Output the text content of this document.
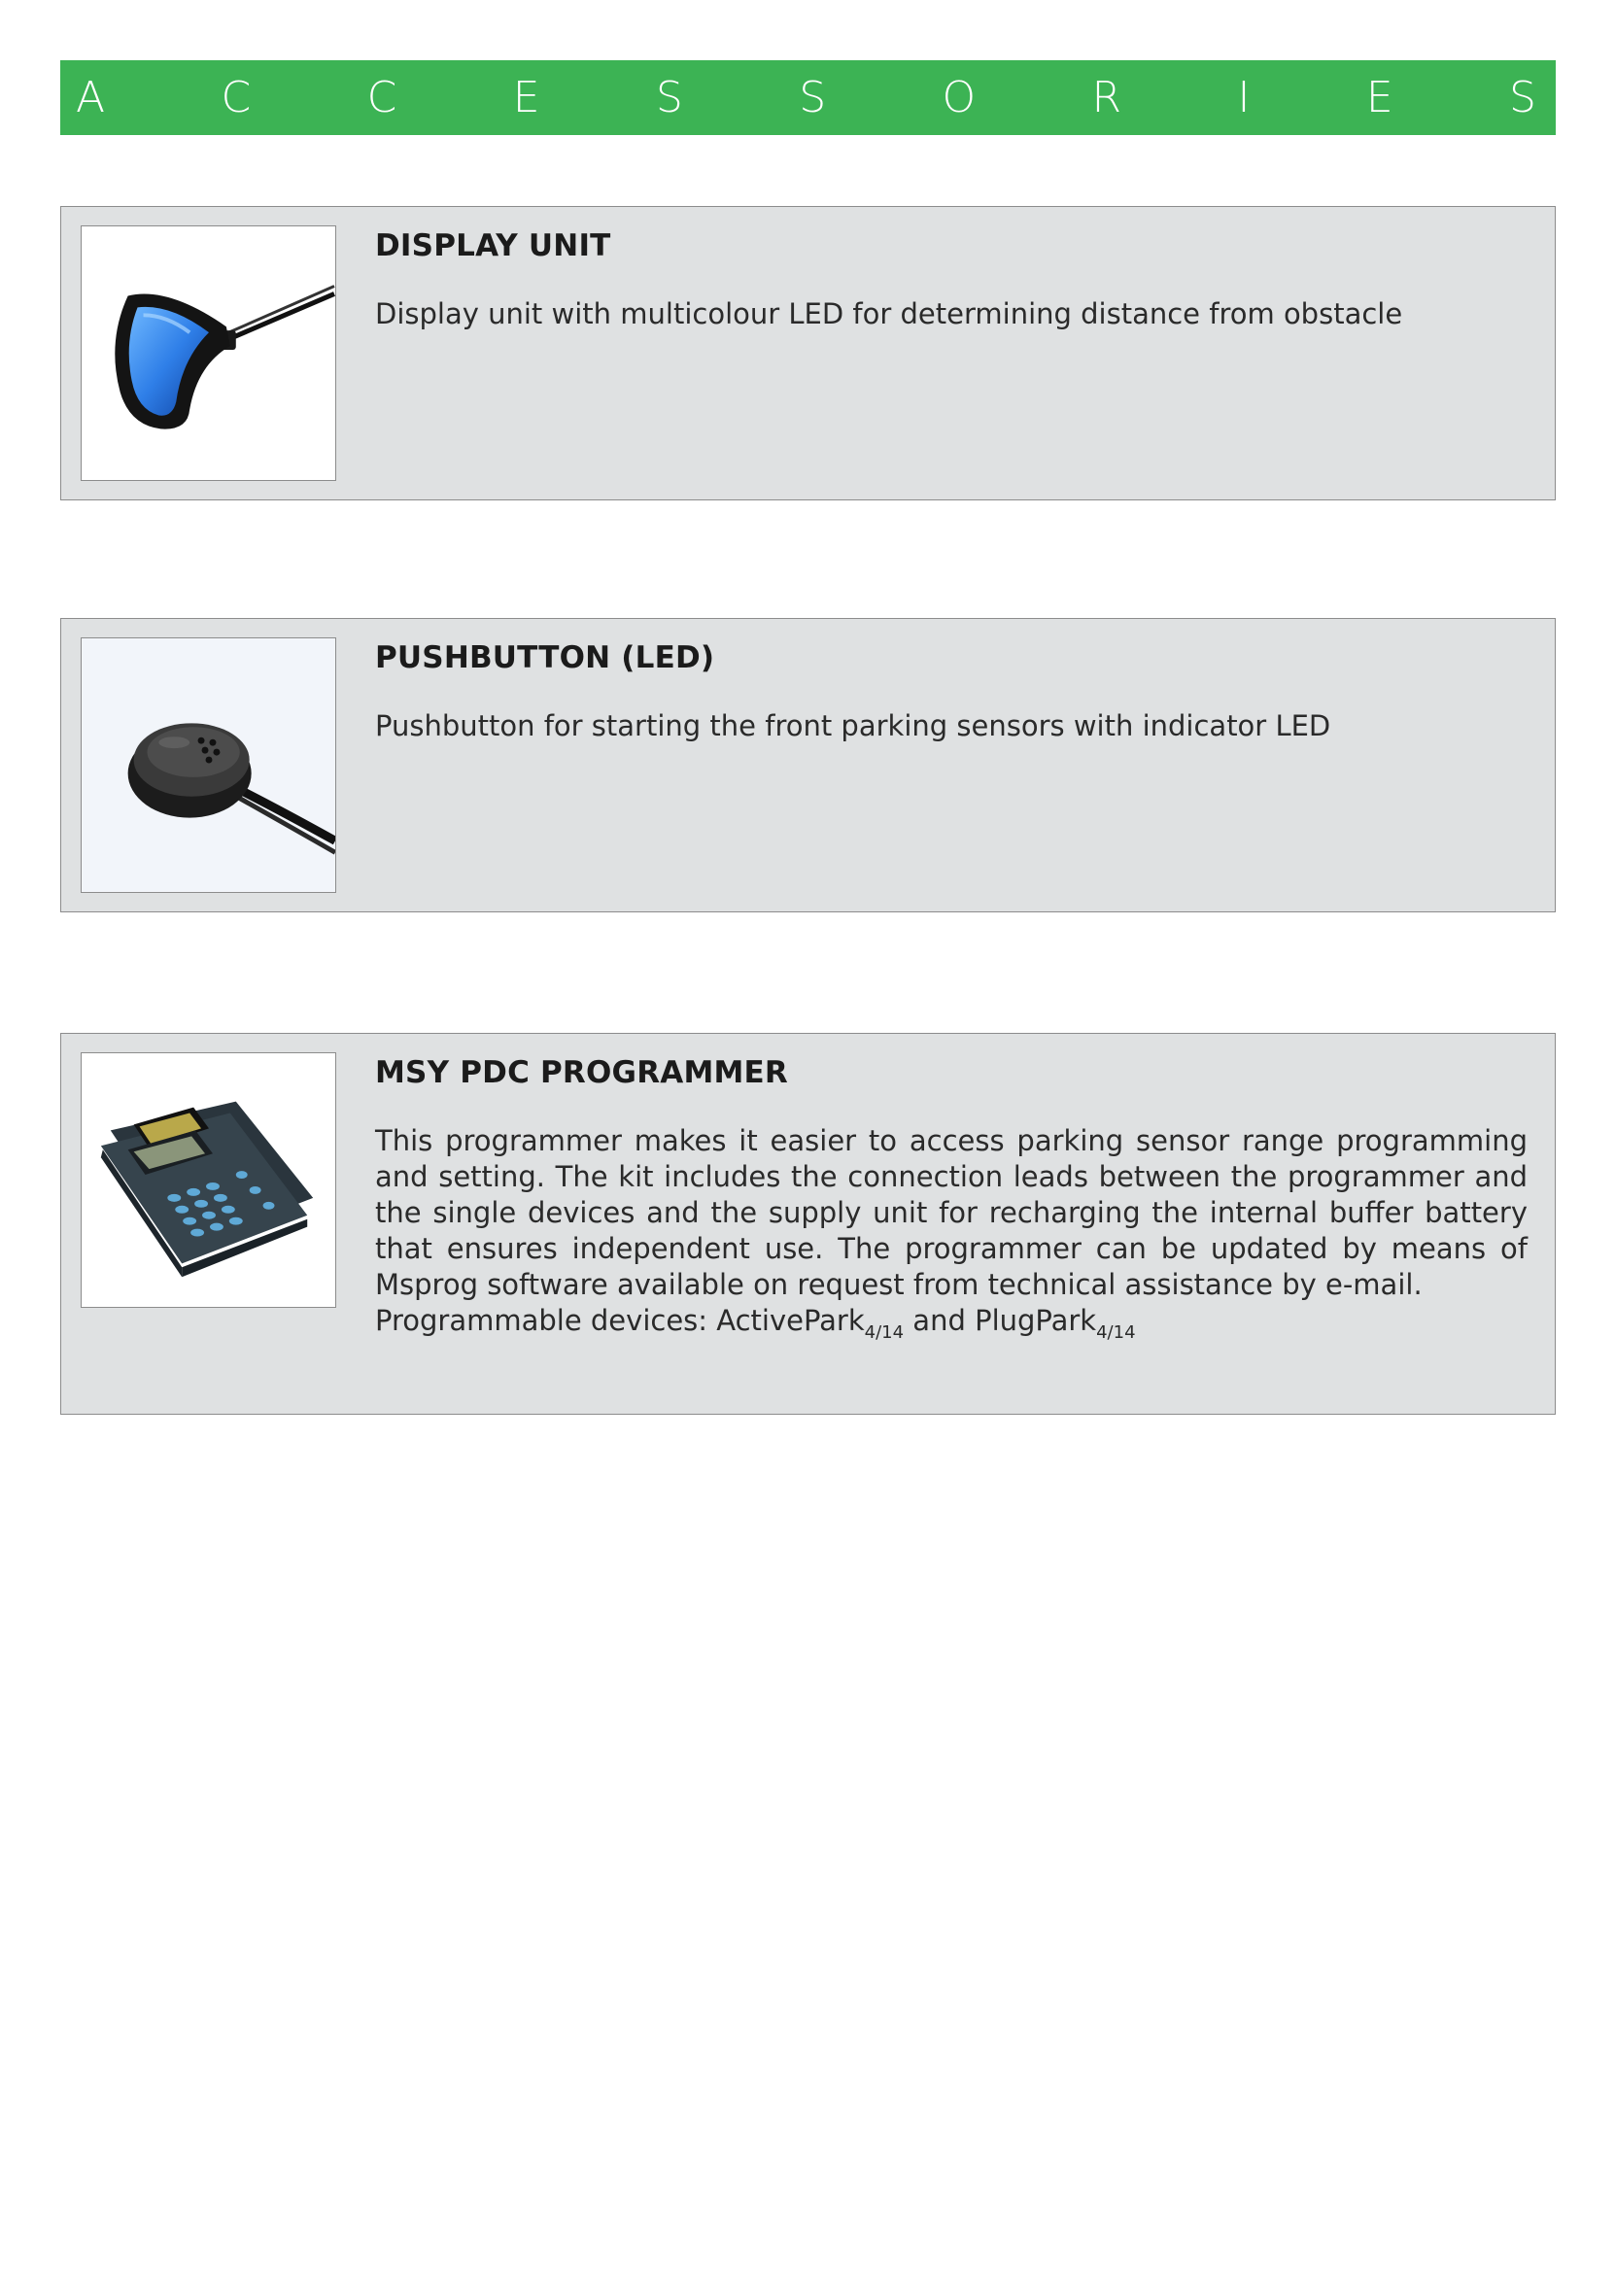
A	C	C	E	S	S	O	R	I	E	S
DISPLAY UNIT

Display unit with multicolour LED for determining distance from obstacle

PUSHBUTTON (LED)

Pushbutton for starting the front parking sensors with indicator LED

MSY PDC PROGRAMMER

This programmer makes it easier to access parking sensor range programming and setting. The kit includes the connection leads between the programmer and the single devices and the supply unit for recharging the internal buffer battery that ensures independent use. The programmer can be updated by means of Msprog software available on request from technical assistance by e-mail.

Programmable devices: ActivePark$_{4/14}$ and PlugPark$_{4/14}$
